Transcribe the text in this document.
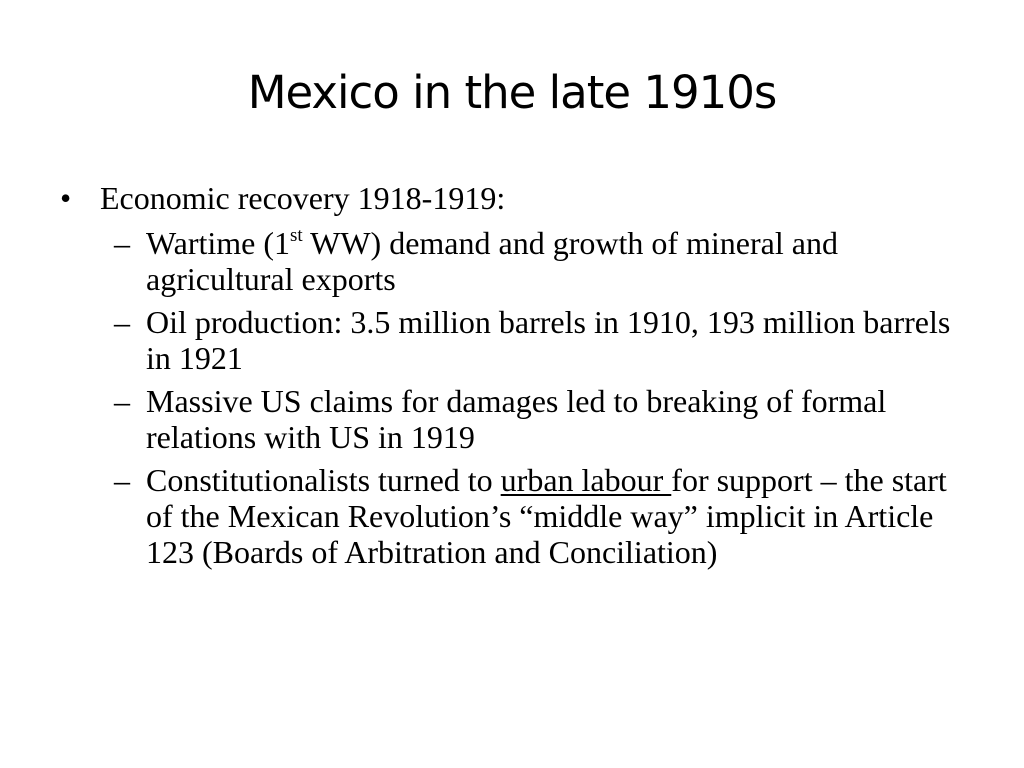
Mexico in the late 1910s
• Economic recovery 1918-1919:
– Wartime (1st WW) demand and growth of mineral and agricultural exports
– Oil production: 3.5 million barrels in 1910, 193 million barrels in 1921
– Massive US claims for damages led to breaking of formal relations with US in 1919
– Constitutionalists turned to urban labour for support – the start of the Mexican Revolution’s “middle way” implicit in Article 123 (Boards of Arbitration and Conciliation)
